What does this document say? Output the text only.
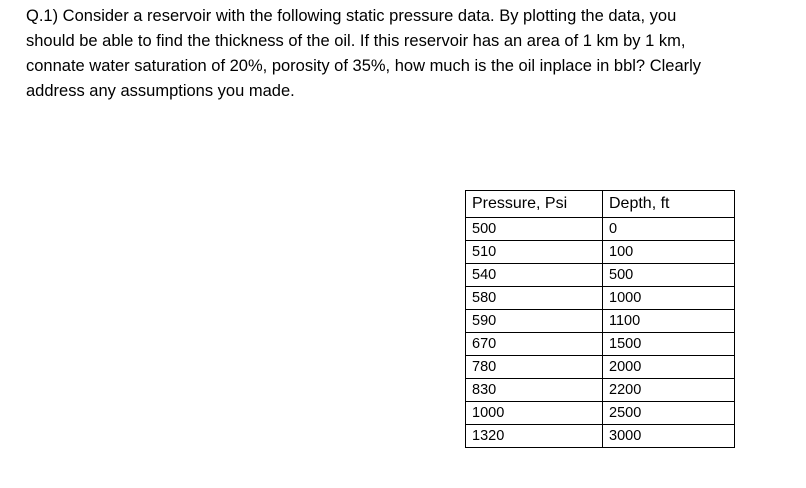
Q.1) Consider a reservoir with the following static pressure data. By plotting the data, you
should be able to find the thickness of the oil. If this reservoir has an area of 1 km by 1 km,
connate water saturation of 20%, porosity of 35%, how much is the oil inplace in bbl? Clearly
address any assumptions you made.
Pressure, Psi	Depth, ft
500	0
510	100
540	500
580	1000
590	1100
670	1500
780	2000
830	2200
1000	2500
1320	3000
